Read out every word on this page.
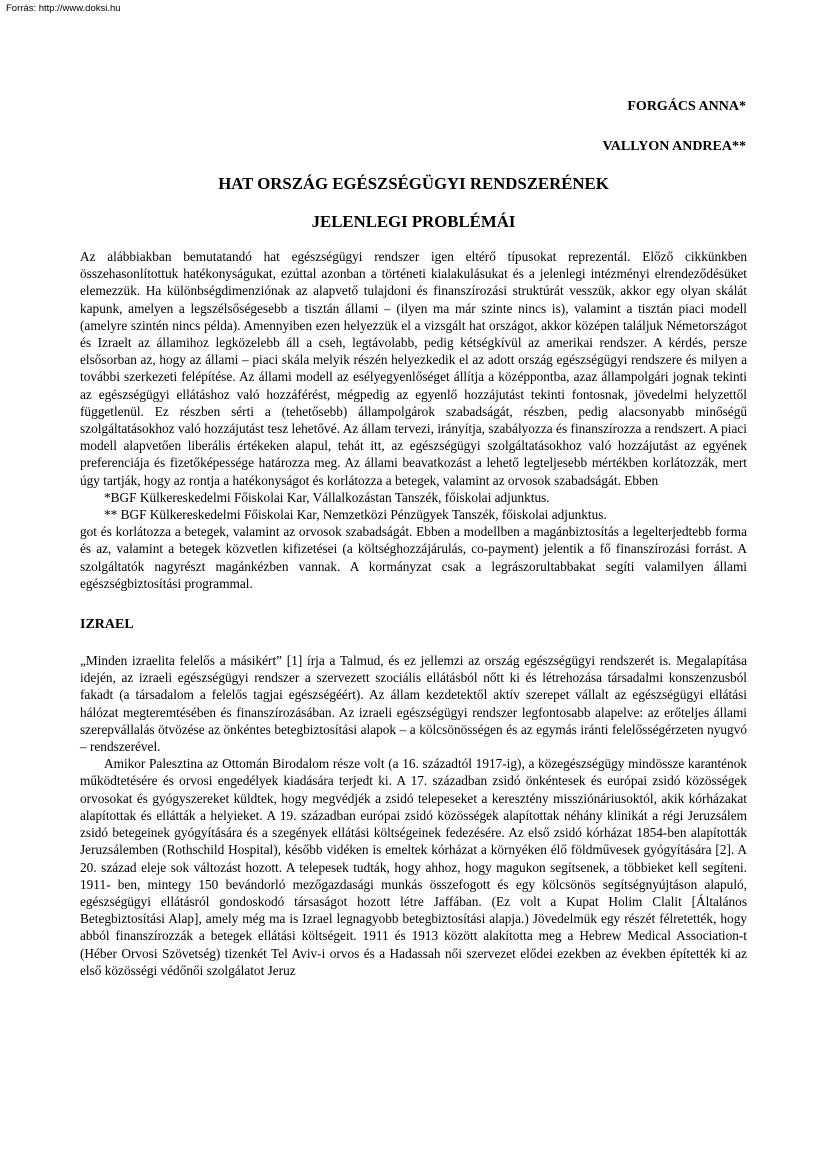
Forrás: http://www.doksi.hu
FORGÁCS ANNA*
VALLYON ANDREA**
HAT ORSZÁG EGÉSZSÉGÜGYI RENDSZERÉNEK
JELENLEGI PROBLÉMÁI

Az alábbiakban bemutatandó hat egészségügyi rendszer igen eltérő típusokat reprezentál. Előző cikkünkben összehasonlítottuk hatékonyságukat, ezúttal azonban a történeti kialakulásukat és a jelenlegi intézményi elrendeződésüket elemezzük. Ha különbségdimenziónak az alapvető tulajdoni és finanszírozási struktúrát vesszük, akkor egy olyan skálát kapunk, amelyen a legszélsőségesebb a tisztán állami – (ilyen ma már szinte nincs is), valamint a tisztán piaci modell (amelyre szintén nincs példa). Amennyiben ezen helyezzük el a vizsgált hat országot, akkor középen találjuk Németországot és Izraelt az államihoz legközelebb áll a cseh, legtávolabb, pedig kétségkívül az amerikai rendszer. A kérdés, persze elsősorban az, hogy az állami – piaci skála melyik részén helyezkedik el az adott ország egészségügyi rendszere és milyen a további szerkezeti felépítése. Az állami modell az esélyegyenlőséget állítja a középpontba, azaz állampolgári jognak tekinti az egészségügyi ellátáshoz való hozzáférést, mégpedig az egyenlő hozzájutást tekinti fontosnak, jövedelmi helyzettől függetlenül. Ez részben sérti a (tehetősebb) állampolgárok szabadságát, részben, pedig alacsonyabb minőségű szolgáltatásokhoz való hozzájutást tesz lehetővé. Az állam tervezi, irányítja, szabályozza és finanszírozza a rendszert. A piaci modell alapvetően liberális értékeken alapul, tehát itt, az egészségügyi szolgáltatásokhoz való hozzájutást az egyének preferenciája és fizetőképessége határozza meg. Az állami beavatkozást a lehető legteljesebb mértékben korlátozzák, mert úgy tartják, hogy az rontja a hatékonyságot és korlátozza a betegek, valamint az orvosok szabadságát. Ebben

*BGF Külkereskedelmi Főiskolai Kar, Vállalkozástan Tanszék, főiskolai adjunktus.

** BGF Külkereskedelmi Főiskolai Kar, Nemzetközi Pénzügyek Tanszék, főiskolai adjunktus.

got és korlátozza a betegek, valamint az orvosok szabadságát. Ebben a modellben a magánbiztosítás a legelterjedtebb forma és az, valamint a betegek közvetlen kifizetései (a költséghozzájárulás, co-payment) jelentik a fő finanszírozási forrást. A szolgáltatók nagyrészt magánkézben vannak. A kormányzat csak a legrászorultabbakat segíti valamilyen állami egészségbiztosítási programmal.

IZRAEL

„Minden izraelita felelős a másikért” [1] írja a Talmud, és ez jellemzi az ország egészségügyi rendszerét is. Megalapítása idején, az izraeli egészségügyi rendszer a szervezett szociális ellátásból nőtt ki és létrehozása társadalmi konszenzusból fakadt (a társadalom a felelős tagjai egészségéért). Az állam kezdetektől aktív szerepet vállalt az egészségügyi ellátási hálózat megteremtésében és finanszírozásában. Az izraeli egészségügyi rendszer legfontosabb alapelve: az erőteljes állami szerepvállalás ötvözése az önkéntes betegbiztosítási alapok – a kölcsönösségen és az egymás iránti felelősségérzeten nyugvó – rendszerével.

Amikor Palesztina az Ottomán Birodalom része volt (a 16. századtól 1917-ig), a közegészségügy mindössze karanténok működtetésére és orvosi engedélyek kiadására terjedt ki. A 17. században zsidó önkéntesek és európai zsidó közösségek orvosokat és gyógyszereket küldtek, hogy megvédjék a zsidó telepeseket a keresztény missziónáriusoktól, akik kórházakat alapítottak és ellátták a helyieket. A 19. században európai zsidó közösségek alapítottak néhány klinikát a régi Jeruzsálem zsidó betegeinek gyógyítására és a szegények ellátási költségeinek fedezésére. Az első zsidó kórházat 1854-ben alapították Jeruzsálemben (Rothschild Hospital), később vidéken is emeltek kórházat a környéken élő földművesek gyógyítására [2]. A 20. század eleje sok változást hozott. A telepesek tudták, hogy ahhoz, hogy magukon segítsenek, a többieket kell segíteni. 1911- ben, mintegy 150 bevándorló mezőgazdasági munkás összefogott és egy kölcsönös segítségnyújtáson alapuló, egészségügyi ellátásról gondoskodó társaságot hozott létre Jaffában. (Ez volt a Kupat Holim Clalit [Általános Betegbiztosítási Alap], amely még ma is Izrael legnagyobb betegbiztosítási alapja.) Jövedelmük egy részét félretették, hogy abból finanszírozzák a betegek ellátási költségeit. 1911 és 1913 között alakította meg a Hebrew Medical Association-t (Héber Orvosi Szövetség) tizenkét Tel Aviv-i orvos és a Hadassah női szervezet elődei ezekben az években építették ki az első közösségi védőnői szolgálatot Jeruz
